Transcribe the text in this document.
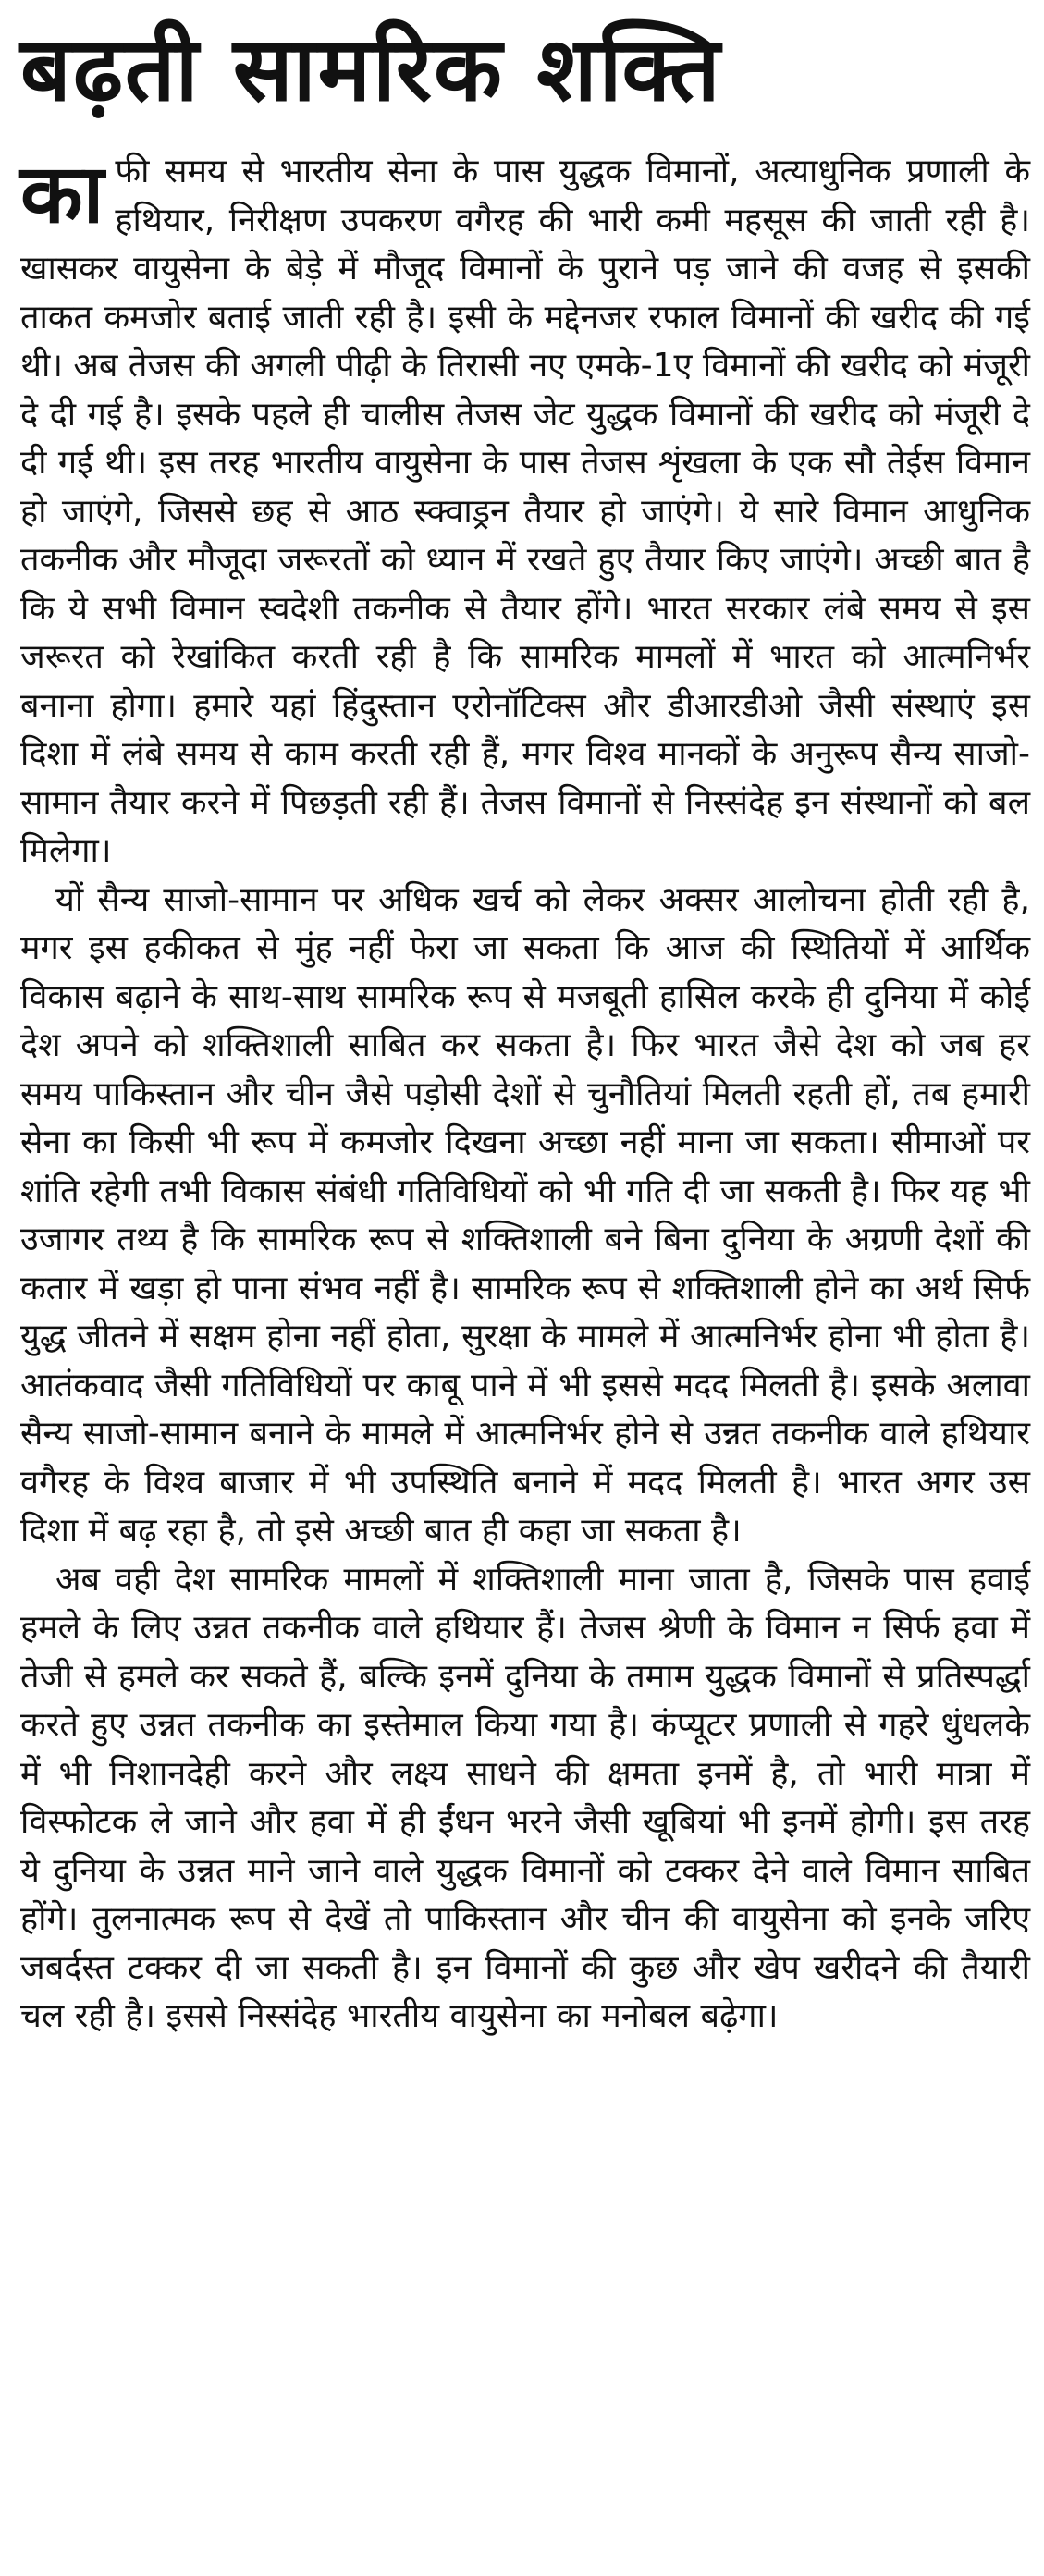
बढ़ती सामरिक शक्ति

काफी समय से भारतीय सेना के पास युद्धक विमानों, अत्याधुनिक प्रणाली के हथियार, निरीक्षण उपकरण वगैरह की भारी कमी महसूस की जाती रही है। खासकर वायुसेना के बेड़े में मौजूद विमानों के पुराने पड़ जाने की वजह से इसकी ताकत कमजोर बताई जाती रही है। इसी के मद्देनजर रफाल विमानों की खरीद की गई थी। अब तेजस की अगली पीढ़ी के तिरासी नए एमके-1ए विमानों की खरीद को मंजूरी दे दी गई है। इसके पहले ही चालीस तेजस जेट युद्धक विमानों की खरीद को मंजूरी दे दी गई थी। इस तरह भारतीय वायुसेना के पास तेजस शृंखला के एक सौ तेईस विमान हो जाएंगे, जिससे छह से आठ स्क्वाड्रन तैयार हो जाएंगे। ये सारे विमान आधुनिक तकनीक और मौजूदा जरूरतों को ध्यान में रखते हुए तैयार किए जाएंगे। अच्छी बात है कि ये सभी विमान स्वदेशी तकनीक से तैयार होंगे। भारत सरकार लंबे समय से इस जरूरत को रेखांकित करती रही है कि सामरिक मामलों में भारत को आत्मनिर्भर बनाना होगा। हमारे यहां हिंदुस्तान एरोनॉटिक्स और डीआरडीओ जैसी संस्थाएं इस दिशा में लंबे समय से काम करती रही हैं, मगर विश्व मानकों के अनुरूप सैन्य साजो-सामान तैयार करने में पिछड़ती रही हैं। तेजस विमानों से निस्संदेह इन संस्थानों को बल मिलेगा।

यों सैन्य साजो-सामान पर अधिक खर्च को लेकर अक्सर आलोचना होती रही है, मगर इस हकीकत से मुंह नहीं फेरा जा सकता कि आज की स्थितियों में आर्थिक विकास बढ़ाने के साथ-साथ सामरिक रूप से मजबूती हासिल करके ही दुनिया में कोई देश अपने को शक्तिशाली साबित कर सकता है। फिर भारत जैसे देश को जब हर समय पाकिस्तान और चीन जैसे पड़ोसी देशों से चुनौतियां मिलती रहती हों, तब हमारी सेना का किसी भी रूप में कमजोर दिखना अच्छा नहीं माना जा सकता। सीमाओं पर शांति रहेगी तभी विकास संबंधी गतिविधियों को भी गति दी जा सकती है। फिर यह भी उजागर तथ्य है कि सामरिक रूप से शक्तिशाली बने बिना दुनिया के अग्रणी देशों की कतार में खड़ा हो पाना संभव नहीं है। सामरिक रूप से शक्तिशाली होने का अर्थ सिर्फ युद्ध जीतने में सक्षम होना नहीं होता, सुरक्षा के मामले में आत्मनिर्भर होना भी होता है। आतंकवाद जैसी गतिविधियों पर काबू पाने में भी इससे मदद मिलती है। इसके अलावा सैन्य साजो-सामान बनाने के मामले में आत्मनिर्भर होने से उन्नत तकनीक वाले हथियार वगैरह के विश्व बाजार में भी उपस्थिति बनाने में मदद मिलती है। भारत अगर उस दिशा में बढ़ रहा है, तो इसे अच्छी बात ही कहा जा सकता है।

अब वही देश सामरिक मामलों में शक्तिशाली माना जाता है, जिसके पास हवाई हमले के लिए उन्नत तकनीक वाले हथियार हैं। तेजस श्रेणी के विमान न सिर्फ हवा में तेजी से हमले कर सकते हैं, बल्कि इनमें दुनिया के तमाम युद्धक विमानों से प्रतिस्पर्द्धा करते हुए उन्नत तकनीक का इस्तेमाल किया गया है। कंप्यूटर प्रणाली से गहरे धुंधलके में भी निशानदेही करने और लक्ष्य साधने की क्षमता इनमें है, तो भारी मात्रा में विस्फोटक ले जाने और हवा में ही ईंधन भरने जैसी खूबियां भी इनमें होगी। इस तरह ये दुनिया के उन्नत माने जाने वाले युद्धक विमानों को टक्कर देने वाले विमान साबित होंगे। तुलनात्मक रूप से देखें तो पाकिस्तान और चीन की वायुसेना को इनके जरिए जबर्दस्त टक्कर दी जा सकती है। इन विमानों की कुछ और खेप खरीदने की तैयारी चल रही है। इससे निस्संदेह भारतीय वायुसेना का मनोबल बढ़ेगा।
